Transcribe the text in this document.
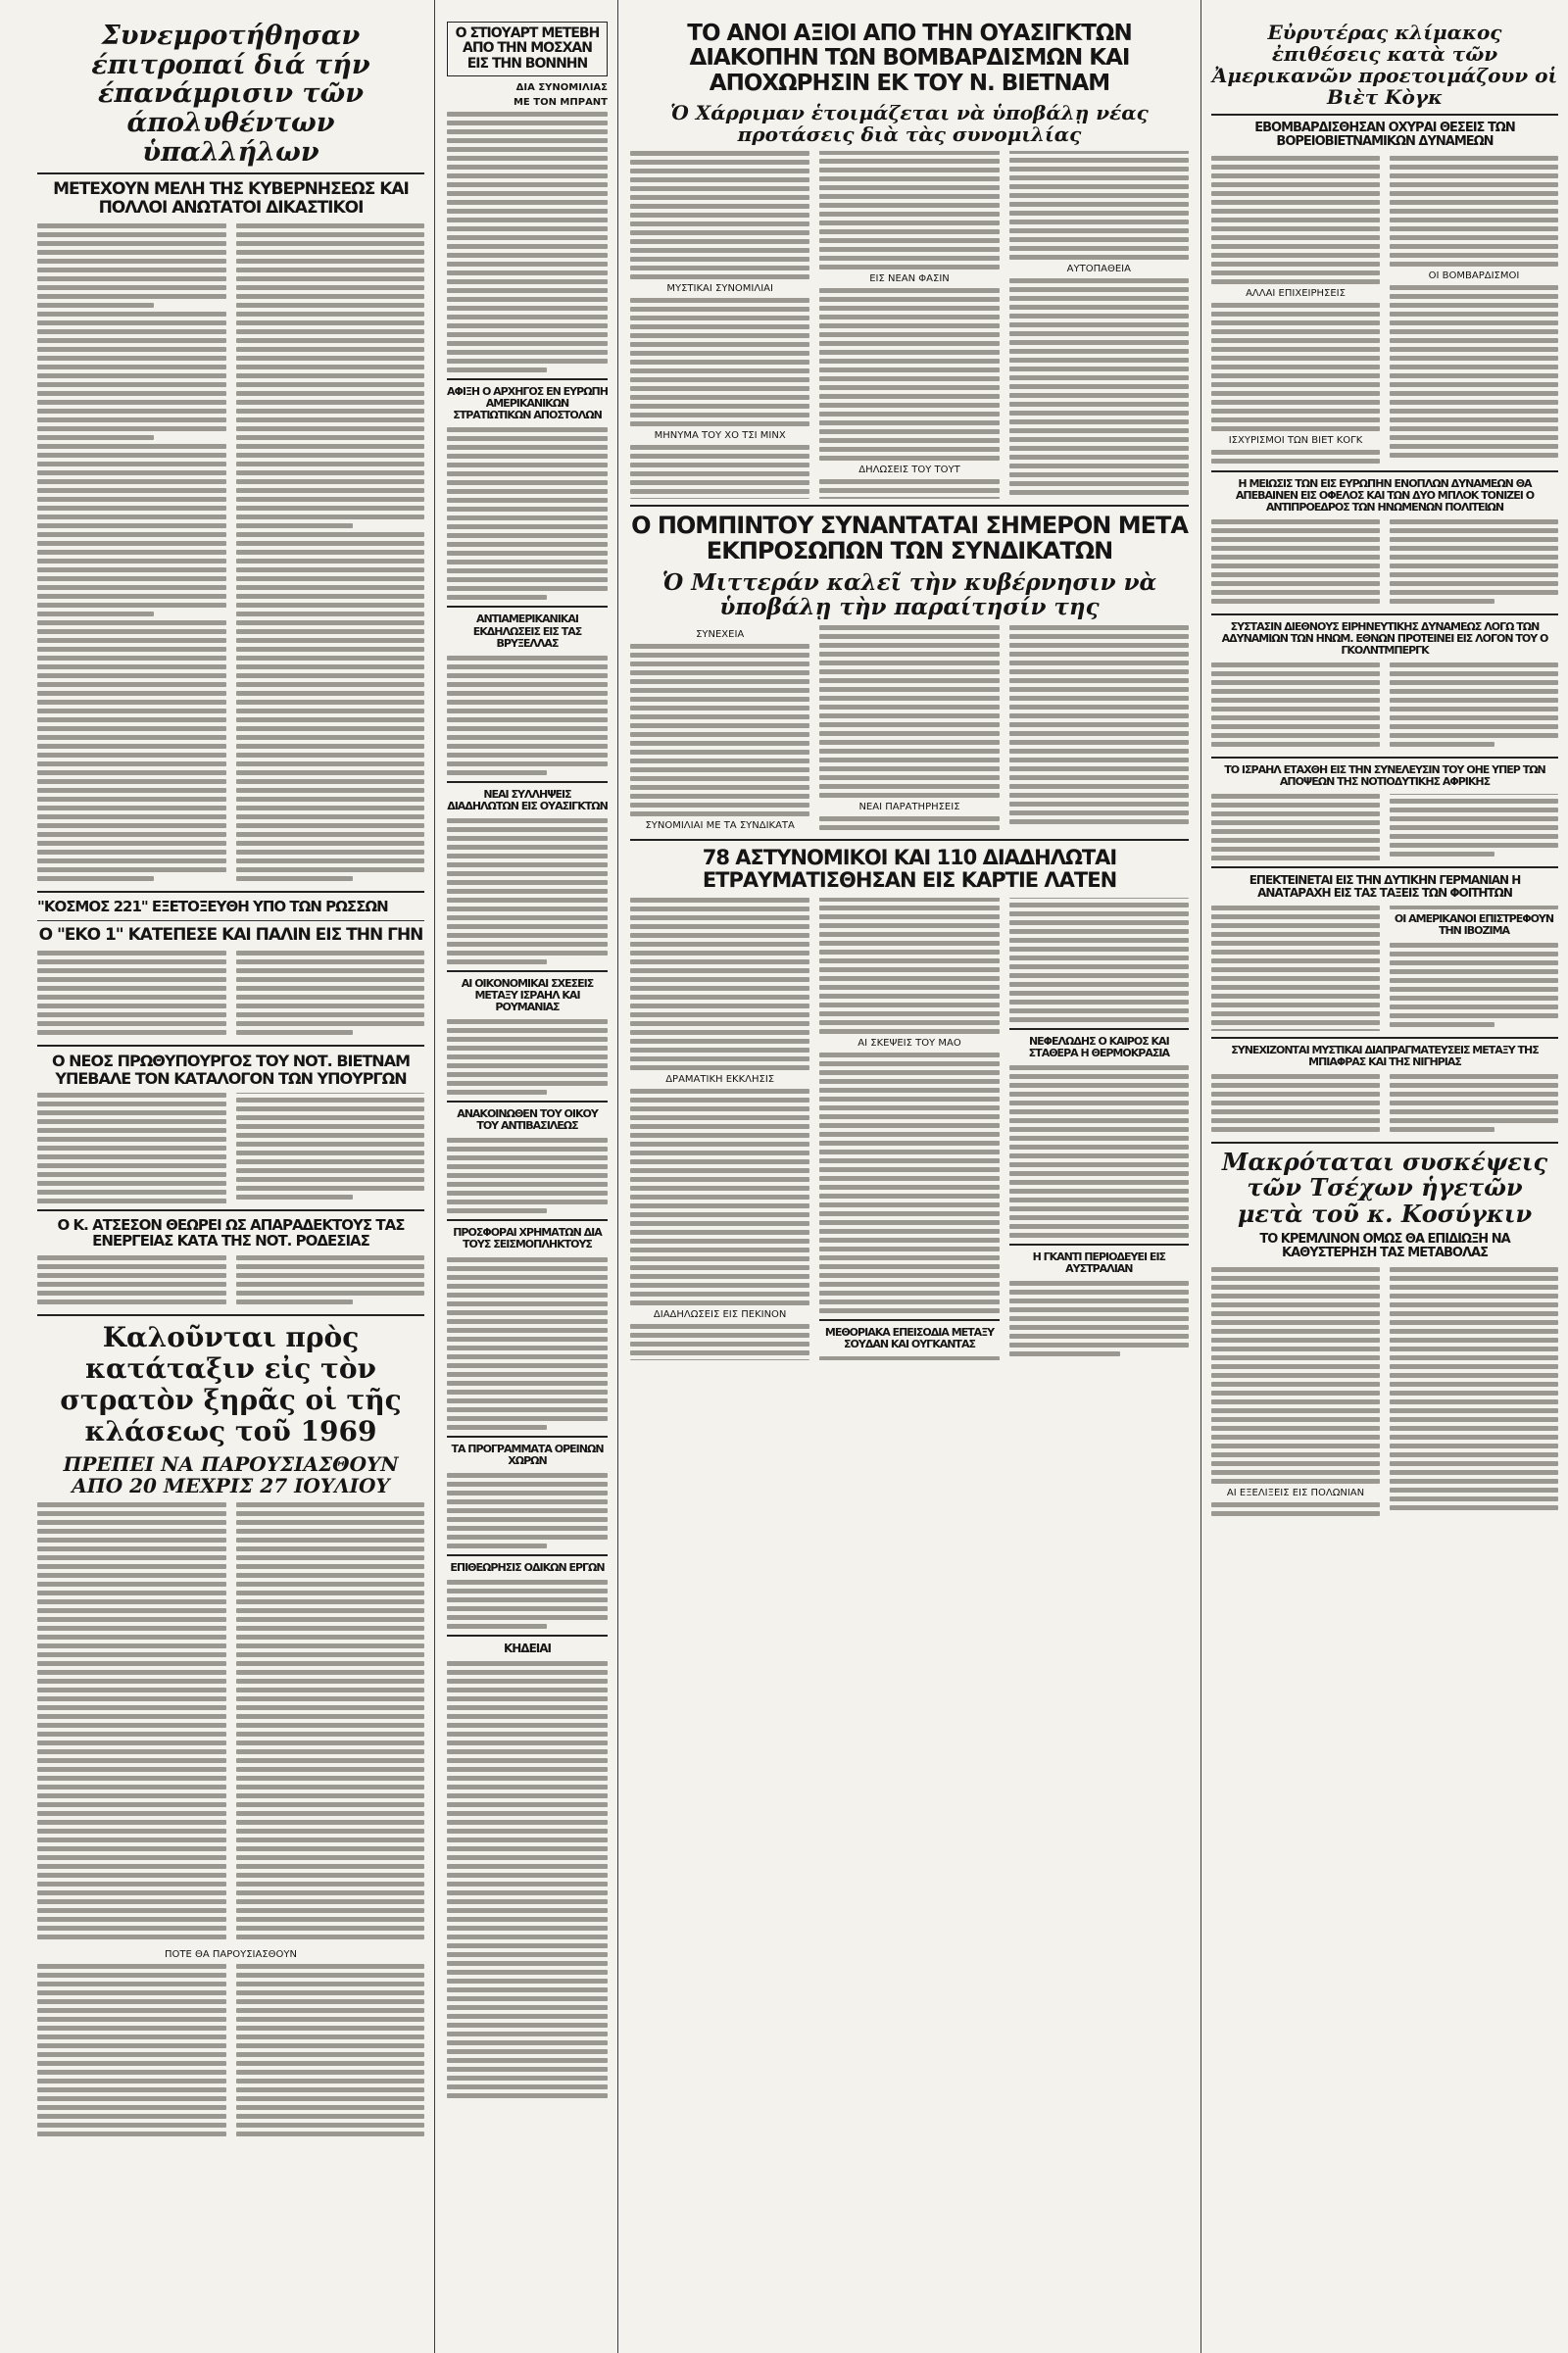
Συνεμροτήθησαν έπιτροπαί διά τήν έπανάμρισιν τῶν άπολυθέντων ὑπαλλήλων
ΜΕΤΕΧΟΥΝ ΜΕΛΗ ΤΗΣ ΚΥΒΕΡΝΗΣΕΩΣ ΚΑΙ ΠΟΛΛΟΙ ΑΝΩΤΑΤΟΙ ΔΙΚΑΣΤΙΚΟΙ
"ΚΟΣΜΟΣ 221" ΕΞΕΤΟΞΕΥΘΗ ΥΠΟ ΤΩΝ ΡΩΣΣΩΝ
Ο "ΕΚΟ 1" ΚΑΤΕΠΕΣΕ ΚΑΙ ΠΑΛΙΝ ΕΙΣ ΤΗΝ ΓΗΝ
Ο ΝΕΟΣ ΠΡΩΘΥΠΟΥΡΓΟΣ ΤΟΥ ΝΟΤ. ΒΙΕΤΝΑΜ ΥΠΕΒΑΛΕ ΤΟΝ ΚΑΤΑΛΟΓΟΝ ΤΩΝ ΥΠΟΥΡΓΩΝ
Ο Κ. ΑΤΣΕΣΟΝ ΘΕΩΡΕΙ ΩΣ ΑΠΑΡΑΔΕΚΤΟΥΣ ΤΑΣ ΕΝΕΡΓΕΙΑΣ ΚΑΤΑ ΤΗΣ ΝΟΤ. ΡΟΔΕΣΙΑΣ
Καλοῦνται πρὸς κατάταξιν εἰς τὸν στρατὸν ξηρᾶς οἱ τῆς κλάσεως τοῦ 1969
ΠΡΕΠΕΙ ΝΑ ΠΑΡΟΥΣΙΑΣΘΟΥΝ ΑΠΟ 20 ΜΕΧΡΙΣ 27 ΙΟΥΛΙΟΥ
ΠΟΤΕ ΘΑ ΠΑΡΟΥΣΙΑΣΘΟΥΝ
Ο ΣΤΙΟΥΑΡΤ ΜΕΤΕΒΗ ΑΠΟ ΤΗΝ ΜΟΣΧΑΝ ΕΙΣ ΤΗΝ ΒΟΝΝΗΝ
ΔΙΑ ΣΥΝΟΜΙΛΙΑΣ
ΜΕ ΤΟΝ ΜΠΡΑΝΤ
ΑΦΙΞΗ Ο ΑΡΧΗΓΟΣ ΕΝ ΕΥΡΩΠΗ ΑΜΕΡΙΚΑΝΙΚΩΝ ΣΤΡΑΤΙΩΤΙΚΩΝ ΑΠΟΣΤΟΛΩΝ
ΑΝΤΙΑΜΕΡΙΚΑΝΙΚΑΙ ΕΚΔΗΛΩΣΕΙΣ ΕΙΣ ΤΑΣ ΒΡΥΞΕΛΛΑΣ
ΝΕΑΙ ΣΥΛΛΗΨΕΙΣ ΔΙΑΔΗΛΩΤΩΝ ΕΙΣ ΟΥΑΣΙΓΚΤΩΝ
ΑΙ ΟΙΚΟΝΟΜΙΚΑΙ ΣΧΕΣΕΙΣ ΜΕΤΑΞΥ ΙΣΡΑΗΛ ΚΑΙ ΡΟΥΜΑΝΙΑΣ
ΑΝΑΚΟΙΝΩΘΕΝ ΤΟΥ ΟΙΚΟΥ ΤΟΥ ΑΝΤΙΒΑΣΙΛΕΩΣ
ΠΡΟΣΦΟΡΑΙ ΧΡΗΜΑΤΩΝ ΔΙΑ ΤΟΥΣ ΣΕΙΣΜΟΠΛΗΚΤΟΥΣ
ΤΑ ΠΡΟΓΡΑΜΜΑΤΑ ΟΡΕΙΝΩΝ ΧΩΡΩΝ
ΕΠΙΘΕΩΡΗΣΙΣ ΟΔΙΚΩΝ ΕΡΓΩΝ
ΚΗΔΕΙΑΙ
ΤΟ ΑΝΟΙ ΑΞΙΟΙ ΑΠΟ ΤΗΝ ΟΥΑΣΙΓΚΤΩΝ ΔΙΑΚΟΠΗΝ ΤΩΝ ΒΟΜΒΑΡΔΙΣΜΩΝ ΚΑΙ ΑΠΟΧΩΡΗΣΙΝ ΕΚ ΤΟΥ Ν. ΒΙΕΤΝΑΜ
Ὁ Χάρριμαν ἑτοιμάζεται νὰ ὑποβάλῃ νέας προτάσεις διὰ τὰς συνομιλίας
ΜΥΣΤΙΚΑΙ ΣΥΝΟΜΙΛΙΑΙ
ΜΗΝΥΜΑ ΤΟΥ ΧΟ ΤΣΙ ΜΙΝΧ
ΕΙΣ ΝΕΑΝ ΦΑΣΙΝ
ΔΗΛΩΣΕΙΣ ΤΟΥ ΤΟΥΤ
ΑΥΤΟΠΑΘΕΙΑ
Ο ΠΟΜΠΙΝΤΟΥ ΣΥΝΑΝΤΑΤΑΙ ΣΗΜΕΡΟΝ ΜΕΤΑ ΕΚΠΡΟΣΩΠΩΝ ΤΩΝ ΣΥΝΔΙΚΑΤΩΝ
Ὁ Μιττεράν καλεῖ τὴν κυβέρνησιν νὰ ὑποβάλῃ τὴν παραίτησίν της
ΣΥΝΕΧΕΙΑ
ΣΥΝΟΜΙΛΙΑΙ ΜΕ ΤΑ ΣΥΝΔΙΚΑΤΑ
ΝΕΑΙ ΠΑΡΑΤΗΡΗΣΕΙΣ
78 ΑΣΤΥΝΟΜΙΚΟΙ ΚΑΙ 110 ΔΙΑΔΗΛΩΤΑΙ ΕΤΡΑΥΜΑΤΙΣΘΗΣΑΝ ΕΙΣ ΚΑΡΤΙΕ ΛΑΤΕΝ
ΔΡΑΜΑΤΙΚΗ ΕΚΚΛΗΣΙΣ
ΔΙΑΔΗΛΩΣΕΙΣ ΕΙΣ ΠΕΚΙΝΟΝ
ΑΙ ΣΚΕΨΕΙΣ ΤΟΥ ΜΑΟ
ΜΕΘΟΡΙΑΚΑ ΕΠΕΙΣΟΔΙΑ ΜΕΤΑΞΥ ΣΟΥΔΑΝ ΚΑΙ ΟΥΓΚΑΝΤΑΣ
ΝΕΦΕΛΩΔΗΣ Ο ΚΑΙΡΟΣ ΚΑΙ ΣΤΑΘΕΡΑ Η ΘΕΡΜΟΚΡΑΣΙΑ
Η ΓΚΑΝΤΙ ΠΕΡΙΟΔΕΥΕΙ ΕΙΣ ΑΥΣΤΡΑΛΙΑΝ
Εὐρυτέρας κλίμακος ἐπιθέσεις κατὰ τῶν Ἀμερικανῶν προετοιμάζουν οἱ Βιὲτ Κὸγκ
ΕΒΟΜΒΑΡΔΙΣΘΗΣΑΝ ΟΧΥΡΑΙ ΘΕΣΕΙΣ ΤΩΝ ΒΟΡΕΙΟΒΙΕΤΝΑΜΙΚΩΝ ΔΥΝΑΜΕΩΝ
ΑΛΛΑΙ ΕΠΙΧΕΙΡΗΣΕΙΣ
ΙΣΧΥΡΙΣΜΟΙ ΤΩΝ ΒΙΕΤ ΚΟΓΚ
ΟΙ ΒΟΜΒΑΡΔΙΣΜΟΙ
Η ΜΕΙΩΣΙΣ ΤΩΝ ΕΙΣ ΕΥΡΩΠΗΝ ΕΝΟΠΛΩΝ ΔΥΝΑΜΕΩΝ ΘΑ ΑΠΕΒΑΙΝΕΝ ΕΙΣ ΟΦΕΛΟΣ ΚΑΙ ΤΩΝ ΔΥΟ ΜΠΛΟΚ ΤΟΝΙΖΕΙ Ο ΑΝΤΙΠΡΟΕΔΡΟΣ ΤΩΝ ΗΝΩΜΕΝΩΝ ΠΟΛΙΤΕΙΩΝ
ΣΥΣΤΑΣΙΝ ΔΙΕΘΝΟΥΣ ΕΙΡΗΝΕΥΤΙΚΗΣ ΔΥΝΑΜΕΩΣ ΛΟΓΩ ΤΩΝ ΑΔΥΝΑΜΙΩΝ ΤΩΝ ΗΝΩΜ. ΕΘΝΩΝ ΠΡΟΤΕΙΝΕΙ ΕΙΣ ΛΟΓΟΝ ΤΟΥ Ο ΓΚΟΛΝΤΜΠΕΡΓΚ
ΤΟ ΙΣΡΑΗΛ ΕΤΑΧΘΗ ΕΙΣ ΤΗΝ ΣΥΝΕΛΕΥΣΙΝ ΤΟΥ ΟΗΕ ΥΠΕΡ ΤΩΝ ΑΠΟΨΕΩΝ ΤΗΣ ΝΟΤΙΟΔΥΤΙΚΗΣ ΑΦΡΙΚΗΣ
ΕΠΕΚΤΕΙΝΕΤΑΙ ΕΙΣ ΤΗΝ ΔΥΤΙΚΗΝ ΓΕΡΜΑΝΙΑΝ Η ΑΝΑΤΑΡΑΧΗ ΕΙΣ ΤΑΣ ΤΑΞΕΙΣ ΤΩΝ ΦΟΙΤΗΤΩΝ
ΟΙ ΑΜΕΡΙΚΑΝΟΙ ΕΠΙΣΤΡΕΦΟΥΝ ΤΗΝ ΙΒΟΖΙΜΑ
ΣΥΝΕΧΙΖΟΝΤΑΙ ΜΥΣΤΙΚΑΙ ΔΙΑΠΡΑΓΜΑΤΕΥΣΕΙΣ ΜΕΤΑΞΥ ΤΗΣ ΜΠΙΑΦΡΑΣ ΚΑΙ ΤΗΣ ΝΙΓΗΡΙΑΣ
Μακρόταται συσκέψεις τῶν Τσέχων ἡγετῶν μετὰ τοῦ κ. Κοσύγκιν
ΤΟ ΚΡΕΜΛΙΝΟΝ ΟΜΩΣ ΘΑ ΕΠΙΔΙΩΞΗ ΝΑ ΚΑΘΥΣΤΕΡΗΣΗ ΤΑΣ ΜΕΤΑΒΟΛΑΣ
ΑΙ ΕΞΕΛΙΞΕΙΣ ΕΙΣ ΠΟΛΩΝΙΑΝ
